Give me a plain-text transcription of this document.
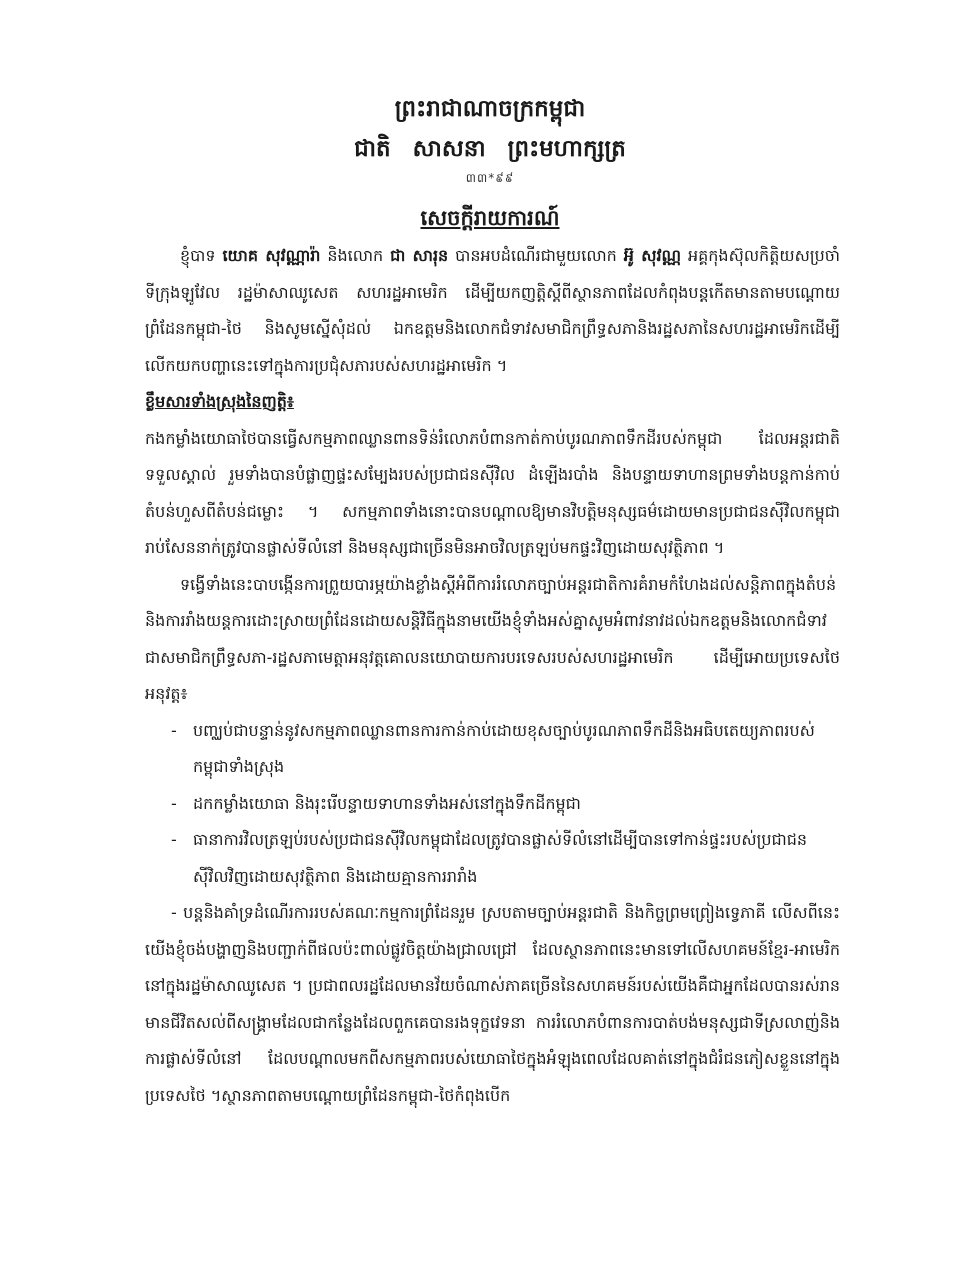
ព្រះរាជាណាចក្រកម្ពុជា

ជាតិ សាសនា ព្រះមហាក្សត្រ

៣៣*៩៩

សេចក្តីរាយការណ៍

ខ្ញុំបាទ យោគ សុវណ្ណារ៉ា និងលោក ជា សារុន បានអបដំណើរជាមួយលោក អ៊ូ សុវណ្ណ អគ្គកុងស៊ុលកិត្តិយសប្រចាំទីក្រុងឡូវែល រដ្ឋម៉ាសាឈូសេត សហរដ្ឋអាមេរិក ដើម្បីយកញត្តិស្តីពីស្ថានភាពដែលកំពុងបន្តកើតមានតាមបណ្តោយព្រំដែនកម្ពុជា-ថៃ និងសូមស្នើសុំដល់ ឯកឧត្តមនិងលោកជំទាវសមាជិកព្រឹទ្ធសភានិងរដ្ឋសភានៃសហរដ្ឋអាមេរិកដើម្បីលើកយកបញ្ហានេះទៅក្នុងការប្រជុំសភារបស់សហរដ្ឋអាមេរិក ។

ខ្លឹមសារទាំងស្រុងនៃញត្តិ៖

កងកម្លាំងយោធាថៃបានធ្វើសកម្មភាពឈ្លានពានទិន់រំលោភបំពានកាត់កាប់បូរណភាពទឹកដីរបស់កម្ពុជា ដែលអន្តរជាតិទទួលស្គាល់ រួមទាំងបានបំផ្លាញផ្ទះសម្បែងរបស់ប្រជាជនស៊ីវិល ដំឡើងរបាំង និងបន្ទាយទាហានព្រមទាំងបន្តកាន់កាប់តំបន់ហួសពីតំបន់ជម្លោះ ។ សកម្មភាពទាំងនោះបានបណ្តាលឱ្យមានវិបត្តិមនុស្សធម៌ដោយមានប្រជាជនស៊ីវិលកម្ពុជារាប់សែននាក់ត្រូវបានផ្លាស់ទីលំនៅ និងមនុស្សជាច្រើនមិនអាចវិលត្រឡប់មកផ្ទះវិញដោយសុវត្ថិភាព ។

ទង្វើទាំងនេះបាបង្កើនការព្រួយបារម្ភយ៉ាងខ្លាំងស្តីអំពីការរំលោភច្បាប់អន្តរជាតិការគំរាមកំហែងដល់សន្តិភាពក្នុងតំបន់និងការរាំងយន្តការដោះស្រាយព្រំដែនដោយសន្តិវិធីក្នុងនាមយើងខ្ញុំទាំងអស់គ្នាសូមអំពាវនាវដល់ឯកឧត្តមនិងលោកជំទាវជាសមាជិកព្រឹទ្ធសភា-រដ្ឋសភាមេត្តាអនុវត្តគោលនយោបាយការបរទេសរបស់សហរដ្ឋអាមេរិក ដើម្បីអោយប្រទេសថៃអនុវត្ត៖

- បញ្ឈប់ជាបន្ទាន់នូវសកម្មភាពឈ្លានពានការកាន់កាប់ដោយខុសច្បាប់បូរណភាពទឹកដីនិងអធិបតេយ្យភាពរបស់កម្ពុជាទាំងស្រុង
- ដកកម្លាំងយោធា និងរុះរើបន្ទាយទាហានទាំងអស់នៅក្នុងទឹកដីកម្ពុជា
- ធានាការវិលត្រឡប់របស់ប្រជាជនស៊ីវិលកម្ពុជាដែលត្រូវបានផ្លាស់ទីលំនៅដើម្បីបានទៅកាន់ផ្ទះរបស់ប្រជាជនស៊ីវិលវិញដោយសុវត្ថិភាព និងដោយគ្មានការរារាំង

- បន្តនិងគាំទ្រដំណើរការរបស់គណៈកម្មការព្រំដែនរួម ស្របតាមច្បាប់អន្តរជាតិ និងកិច្ចព្រមព្រៀងទ្វេភាគី លើសពីនេះយើងខ្ញុំចង់បង្ហាញនិងបញ្ជាក់ពីផលប៉ះពាល់ផ្លូវចិត្តយ៉ាងជ្រាលជ្រៅ ដែលស្ថានភាពនេះមានទៅលើសហគមន៍ខ្មែរ-អាមេរិកនៅក្នុងរដ្ឋម៉ាសាឈូសេត ។ ប្រជាពលរដ្ឋដែលមានវ័យចំណាស់ភាគច្រើននៃសហគមន៍របស់យើងគឺជាអ្នកដែលបានរស់រានមានជីវិតសល់ពីសង្គ្រាមដែលជាកន្លែងដែលពួកគេបានរងទុក្ខវេទនា ការរំលោភបំពានការបាត់បង់មនុស្សជាទីស្រលាញ់និងការផ្លាស់ទីលំនៅ ដែលបណ្តាលមកពីសកម្មភាពរបស់យោធាថៃក្នុងអំឡុងពេលដែលគាត់នៅក្នុងជំរំជនភៀសខ្លួននៅក្នុងប្រទេសថៃ ។ស្ថានភាពតាមបណ្តោយព្រំដែនកម្ពុជា-ថៃកំពុងបើក
